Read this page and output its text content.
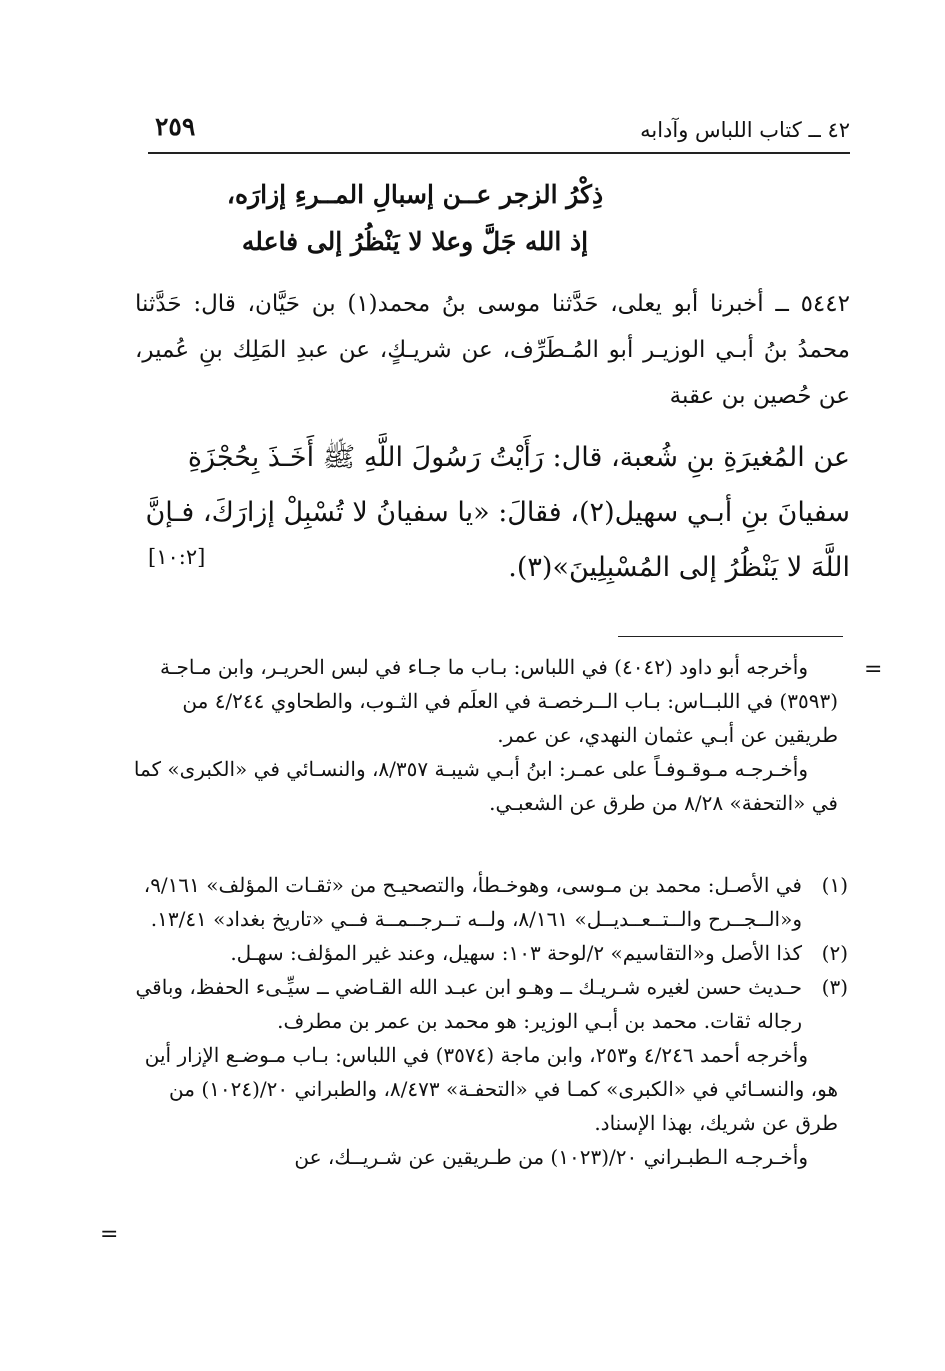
٢٥٩	٤٢ ــ كتاب اللباس وآدابه
ذِكْرُ الزجر عــن إسبالِ المــرءِ إزارَه،
إذ الله جَلَّ وعلا لا يَنْظُرُ إلى فاعله
٥٤٤٢ ــ أخبرنا أبو يعلى، حَدَّثنا موسى بنُ محمد(١) بن حَيَّان، قال: حَدَّثنا محمدُ بنُ أبـي الوزيـر أبو المُـطَرِّف، عن شريـكٍ، عن عبدِ المَلِك بنِ عُمير، عن حُصين بن عقبة
عن المُغيرَةِ بنِ شُعبة، قال: رَأَيْتُ رَسُولَ اللَّهِ ﷺ أَخَـذَ بِحُجْزَةِ سفيانَ بنِ أبـي سهيل(٢)، فقالَ: «يا سفيانُ لا تُسْبِلْ إزارَكَ، فـإنَّ اللَّهَ لا يَنْظُرُ إلى المُسْبِلِينَ»(٣).
[١٠:٢]
=
وأخرجه أبو داود (٤٠٤٢) في اللباس: بـاب ما جـاء في لبس الحريـر، وابن مـاجـة (٣٥٩٣) في اللبــاس: بـاب الــرخصـة في العلَم في الثـوب، والطحاوي ٤/٢٤٤ من طريقين عن أبـي عثمان النهدي، عن عمر.
وأخـرجـه مـوقـوفـاً على عمـر: ابنُ أبـي شيبـة ٨/٣٥٧، والنسـائي في «الكبرى» كما في «التحفة» ٨/٢٨ من طرق عن الشعبـي.
(١)
في الأصـل: محمد بن مـوسى، وهوخـطأ، والتصحيـح من «ثقـات المؤلف» ٩/١٦١، و«الــجــرح والــتــعــديــل» ٨/١٦١، ولــه تــرجــمــة فــي «تاريخ بغداد» ١٣/٤١.
(٢)
كذا الأصل و«التقاسيم» ٢/لوحة ١٠٣: سهيل، وعند غير المؤلف: سهـل.
(٣)
حـديث حسن لغيره شـريـك ــ وهـو ابن عبـد الله القـاضي ــ سيِّـىء الحفظ، وباقي رجاله ثقات. محمد بن أبـي الوزير: هو محمد بن عمر بن مطرف.
وأخرجه أحمد ٤/٢٤٦ و٢٥٣، وابن ماجة (٣٥٧٤) في اللباس: بـاب مـوضـع الإزار أين هو، والنسـائي في «الكبرى» كمـا في «التحفـة» ٨/٤٧٣، والطبراني ٢٠/(١٠٢٤) من طرق عن شريك، بهذا الإسناد.
وأخـرجـه الـطبـراني ٢٠/(١٠٢٣) من طـريقين عن شـريــك، عن
=
